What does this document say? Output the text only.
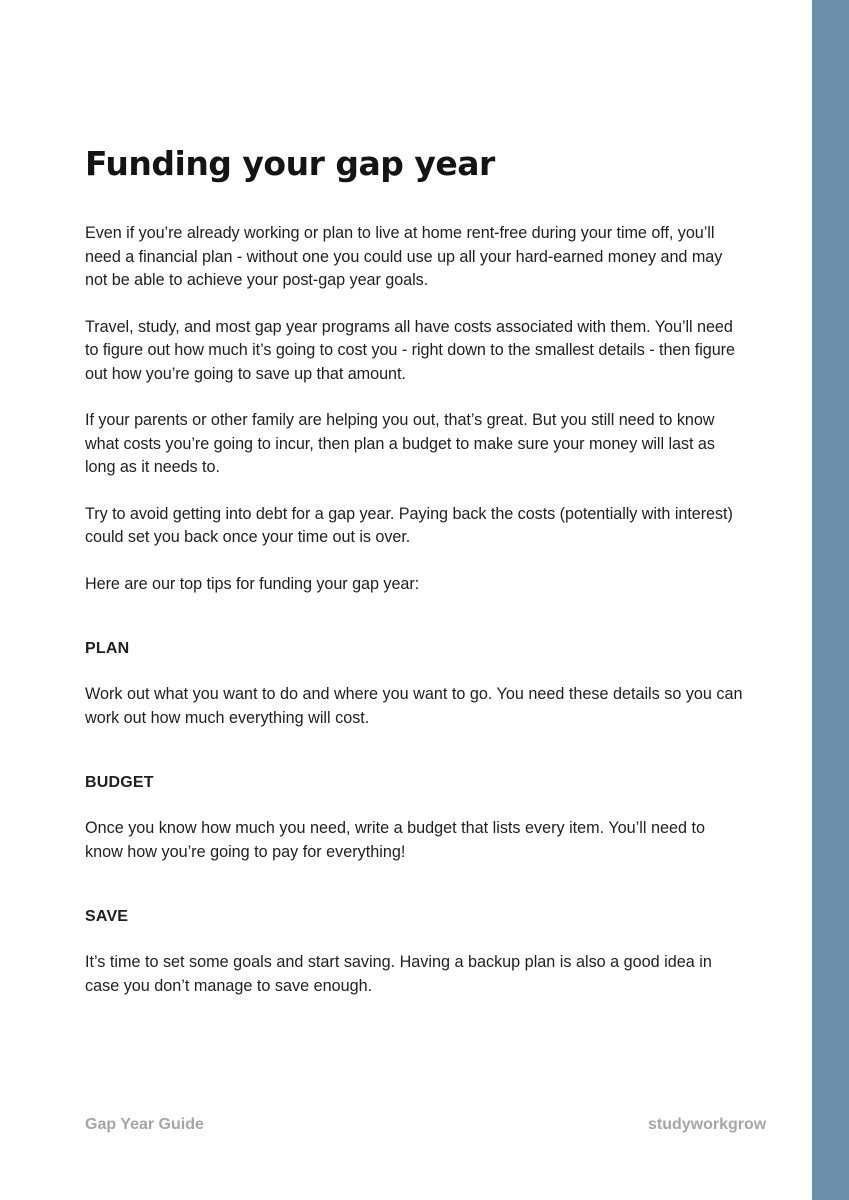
Funding your gap year

Even if you’re already working or plan to live at home rent-free during your time off, you’ll need a financial plan - without one you could use up all your hard-earned money and may not be able to achieve your post-gap year goals.

Travel, study, and most gap year programs all have costs associated with them. You’ll need to figure out how much it’s going to cost you - right down to the smallest details - then figure out how you’re going to save up that amount.

If your parents or other family are helping you out, that’s great. But you still need to know what costs you’re going to incur, then plan a budget to make sure your money will last as long as it needs to.

Try to avoid getting into debt for a gap year. Paying back the costs (potentially with interest) could set you back once your time out is over.

Here are our top tips for funding your gap year:

PLAN

Work out what you want to do and where you want to go. You need these details so you can work out how much everything will cost.

BUDGET

Once you know how much you need, write a budget that lists every item. You’ll need to know how you’re going to pay for everything!

SAVE

It’s time to set some goals and start saving. Having a backup plan is also a good idea in case you don’t manage to save enough.

Gap Year Guide	studyworkgrow
